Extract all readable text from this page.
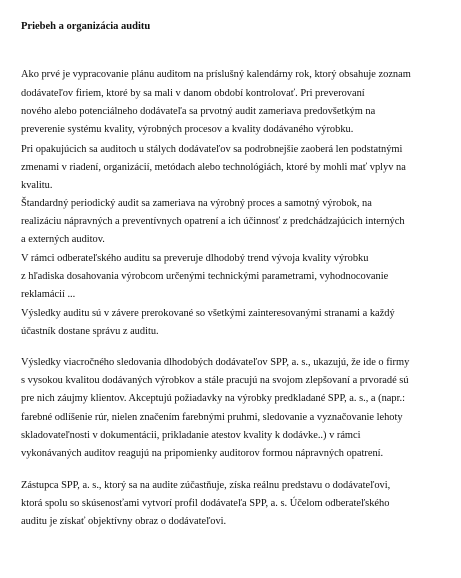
Priebeh a organizácia auditu
Ako prvé je vypracovanie plánu auditom na príslušný kalendárny rok, ktorý obsahuje zoznam
dodávateľov firiem, ktoré by sa mali v danom období kontrolovať. Pri preverovaní
nového alebo potenciálneho dodávateľa sa prvotný audit zameriava predovšetkým na
preverenie systému kvality, výrobných procesov a kvality dodávaného výrobku.
Pri opakujúcich sa auditoch u stálych dodávateľov sa podrobnejšie zaoberá len podstatnými
zmenami v riadení, organizácií, metódach alebo technológiách, ktoré by mohli mať vplyv na
kvalitu.
Štandardný periodický audit sa zameriava na výrobný proces a samotný výrobok, na
realizáciu nápravných a preventívnych opatrení a ich účinnosť z predchádzajúcich interných
a externých auditov.
V rámci odberateľského auditu sa preveruje dlhodobý trend vývoja kvality výrobku
z hľadiska dosahovania výrobcom určenými technickými parametrami, vyhodnocovanie
reklamácií ...
Výsledky auditu sú v závere prerokované so všetkými zainteresovanými stranami a každý
účastník dostane správu z auditu.
Výsledky viacročného sledovania dlhodobých dodávateľov SPP, a. s., ukazujú, že ide o firmy
s vysokou kvalitou dodávaných výrobkov a stále pracujú na svojom zlepšovaní a prvoradé sú
pre nich záujmy klientov. Akceptujú požiadavky na výrobky predkladané SPP, a. s., a (napr.:
farebné odlíšenie rúr, nielen značením farebnými pruhmi, sledovanie a vyznačovanie lehoty
skladovateľnosti v dokumentácii, prikladanie atestov kvality k dodávke..) v rámci
vykonávaných auditov reagujú na pripomienky auditorov formou nápravných opatrení.
Zástupca SPP, a. s., ktorý sa na audite zúčastňuje, získa reálnu predstavu o dodávateľovi,
ktorá spolu so skúsenosťami vytvorí profil dodávateľa SPP, a. s. Účelom odberateľského
auditu je získať objektívny obraz o dodávateľovi.
